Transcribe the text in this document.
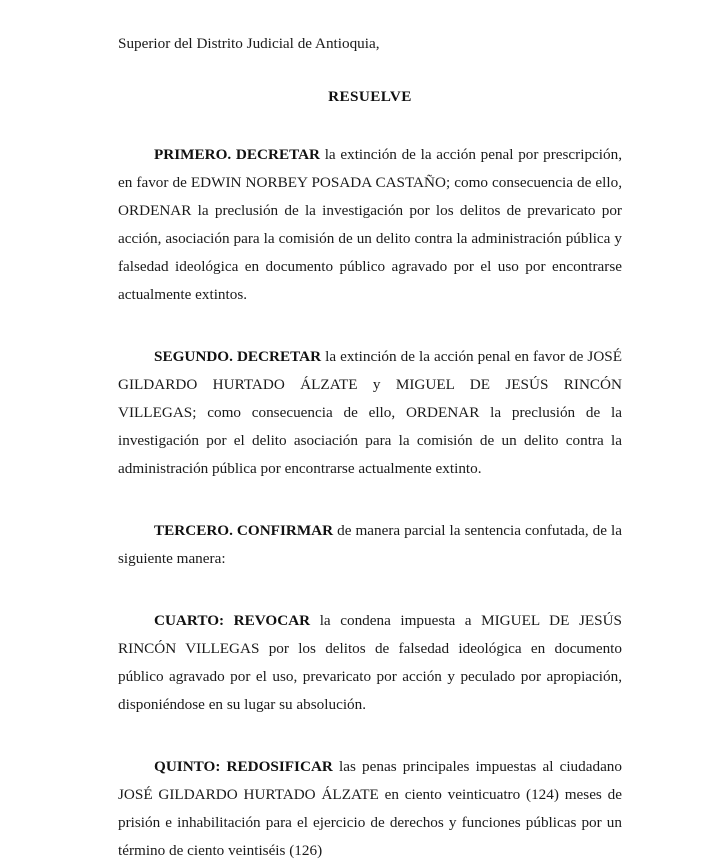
Superior del Distrito Judicial de Antioquia,

RESUELVE

PRIMERO. DECRETAR la extinción de la acción penal por prescripción, en favor de EDWIN NORBEY POSADA CASTAÑO; como consecuencia de ello, ORDENAR la preclusión de la investigación por los delitos de prevaricato por acción, asociación para la comisión de un delito contra la administración pública y falsedad ideológica en documento público agravado por el uso por encontrarse actualmente extintos.

SEGUNDO. DECRETAR la extinción de la acción penal en favor de JOSÉ GILDARDO HURTADO ÁLZATE y MIGUEL DE JESÚS RINCÓN VILLEGAS; como consecuencia de ello, ORDENAR la preclusión de la investigación por el delito asociación para la comisión de un delito contra la administración pública por encontrarse actualmente extinto.

TERCERO. CONFIRMAR de manera parcial la sentencia confutada, de la siguiente manera:

CUARTO: REVOCAR la condena impuesta a MIGUEL DE JESÚS RINCÓN VILLEGAS por los delitos de falsedad ideológica en documento público agravado por el uso, prevaricato por acción y peculado por apropiación, disponiéndose en su lugar su absolución.

QUINTO: REDOSIFICAR las penas principales impuestas al ciudadano JOSÉ GILDARDO HURTADO ÁLZATE en ciento veinticuatro (124) meses de prisión e inhabilitación para el ejercicio de derechos y funciones públicas por un término de ciento veintiséis (126)
